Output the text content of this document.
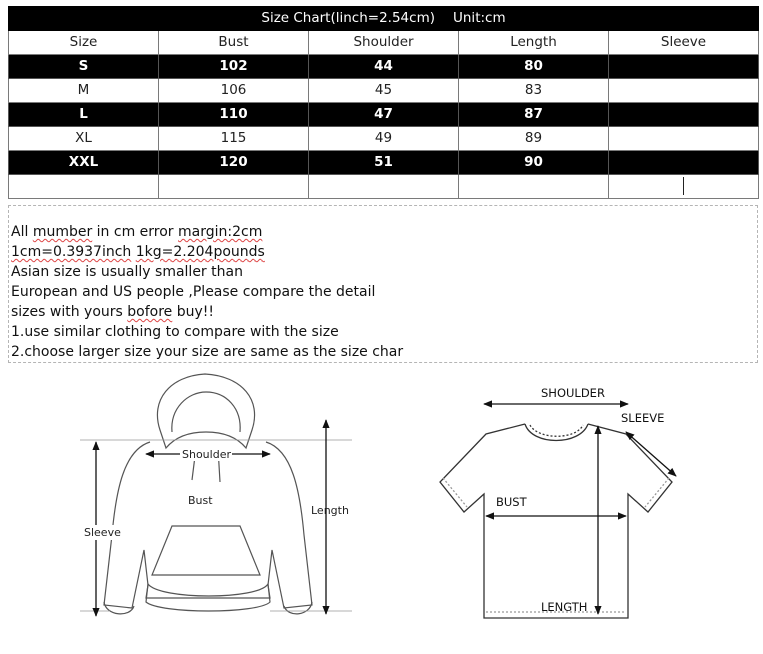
Size Chart(linch=2.54cm) Unit:cm				
Size	Bust	Shoulder	Length	Sleeve
S	102	44	80	
M	106	45	83	
L	110	47	87	
XL	115	49	89	
XXL	120	51	90	

All mumber in cm error margin:2cm
1cm=0.3937inch 1kg=2.204pounds
Asian size is usually smaller than
European and US people ,Please compare the detail
sizes with yours bofore buy!!
1.use similar clothing to compare with the size
2.choose larger size your size are same as the size char
Shoulder
Bust
Length
Sleeve
SHOULDER
SLEEVE
BUST
LENGTH
